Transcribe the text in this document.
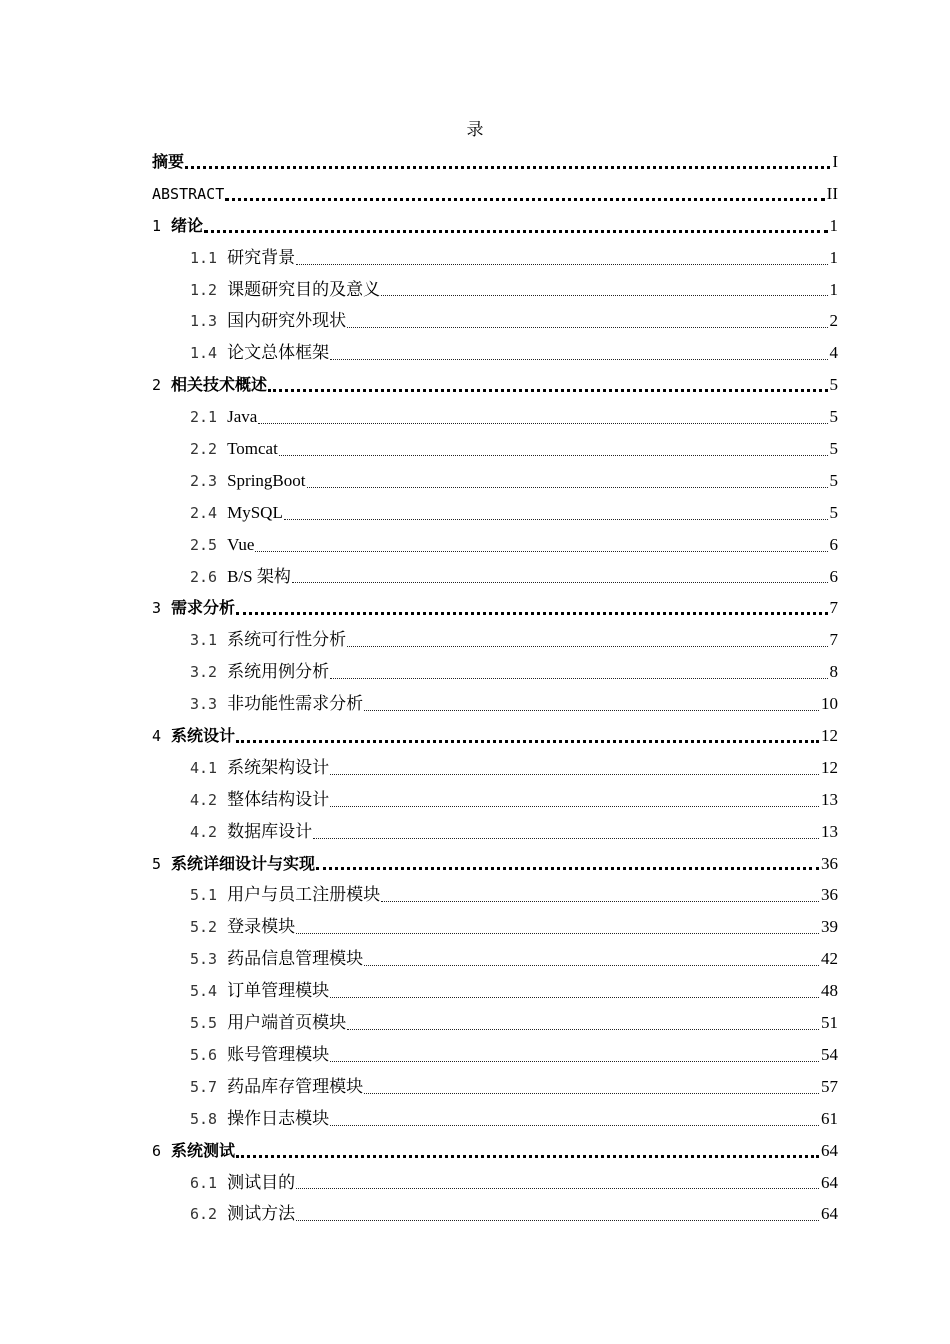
录
摘要	I
ABSTRACT	II
1 绪论	1
1.1 研究背景	1
1.2 课题研究目的及意义	1
1.3 国内研究外现状	2
1.4 论文总体框架	4
2 相关技术概述	5
2.1 Java	5
2.2 Tomcat	5
2.3 SpringBoot	5
2.4 MySQL	5
2.5 Vue	6
2.6 B/S 架构	6
3 需求分析	7
3.1 系统可行性分析	7
3.2 系统用例分析	8
3.3 非功能性需求分析	10
4 系统设计	12
4.1 系统架构设计	12
4.2 整体结构设计	13
4.2 数据库设计	13
5 系统详细设计与实现	36
5.1 用户与员工注册模块	36
5.2 登录模块	39
5.3 药品信息管理模块	42
5.4 订单管理模块	48
5.5 用户端首页模块	51
5.6 账号管理模块	54
5.7 药品库存管理模块	57
5.8 操作日志模块	61
6 系统测试	64
6.1 测试目的	64
6.2 测试方法	64
